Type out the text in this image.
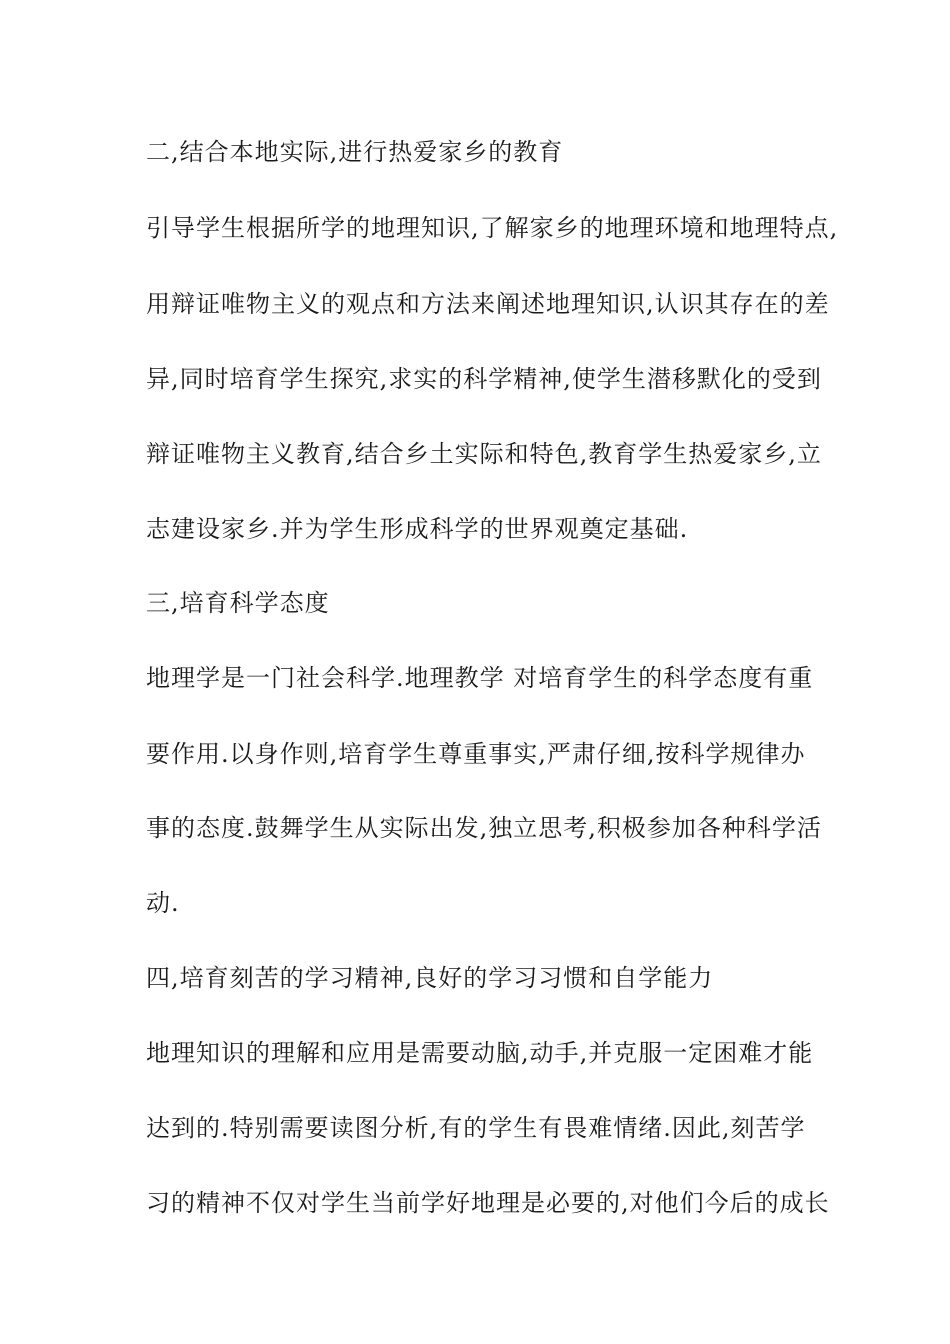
二,结合本地实际,进行热爱家乡的教育
引导学生根据所学的地理知识,了解家乡的地理环境和地理特点,
用辩证唯物主义的观点和方法来阐述地理知识,认识其存在的差
异,同时培育学生探究,求实的科学精神,使学生潜移默化的受到
辩证唯物主义教育,结合乡土实际和特色,教育学生热爱家乡,立
志建设家乡.并为学生形成科学的世界观奠定基础.
三,培育科学态度
地理学是一门社会科学.地理教学 对培育学生的科学态度有重
要作用.以身作则,培育学生尊重事实,严肃仔细,按科学规律办
事的态度.鼓舞学生从实际出发,独立思考,积极参加各种科学活
动.
四,培育刻苦的学习精神,良好的学习习惯和自学能力
地理知识的理解和应用是需要动脑,动手,并克服一定困难才能
达到的.特别需要读图分析,有的学生有畏难情绪.因此,刻苦学
习的精神不仅对学生当前学好地理是必要的,对他们今后的成长
